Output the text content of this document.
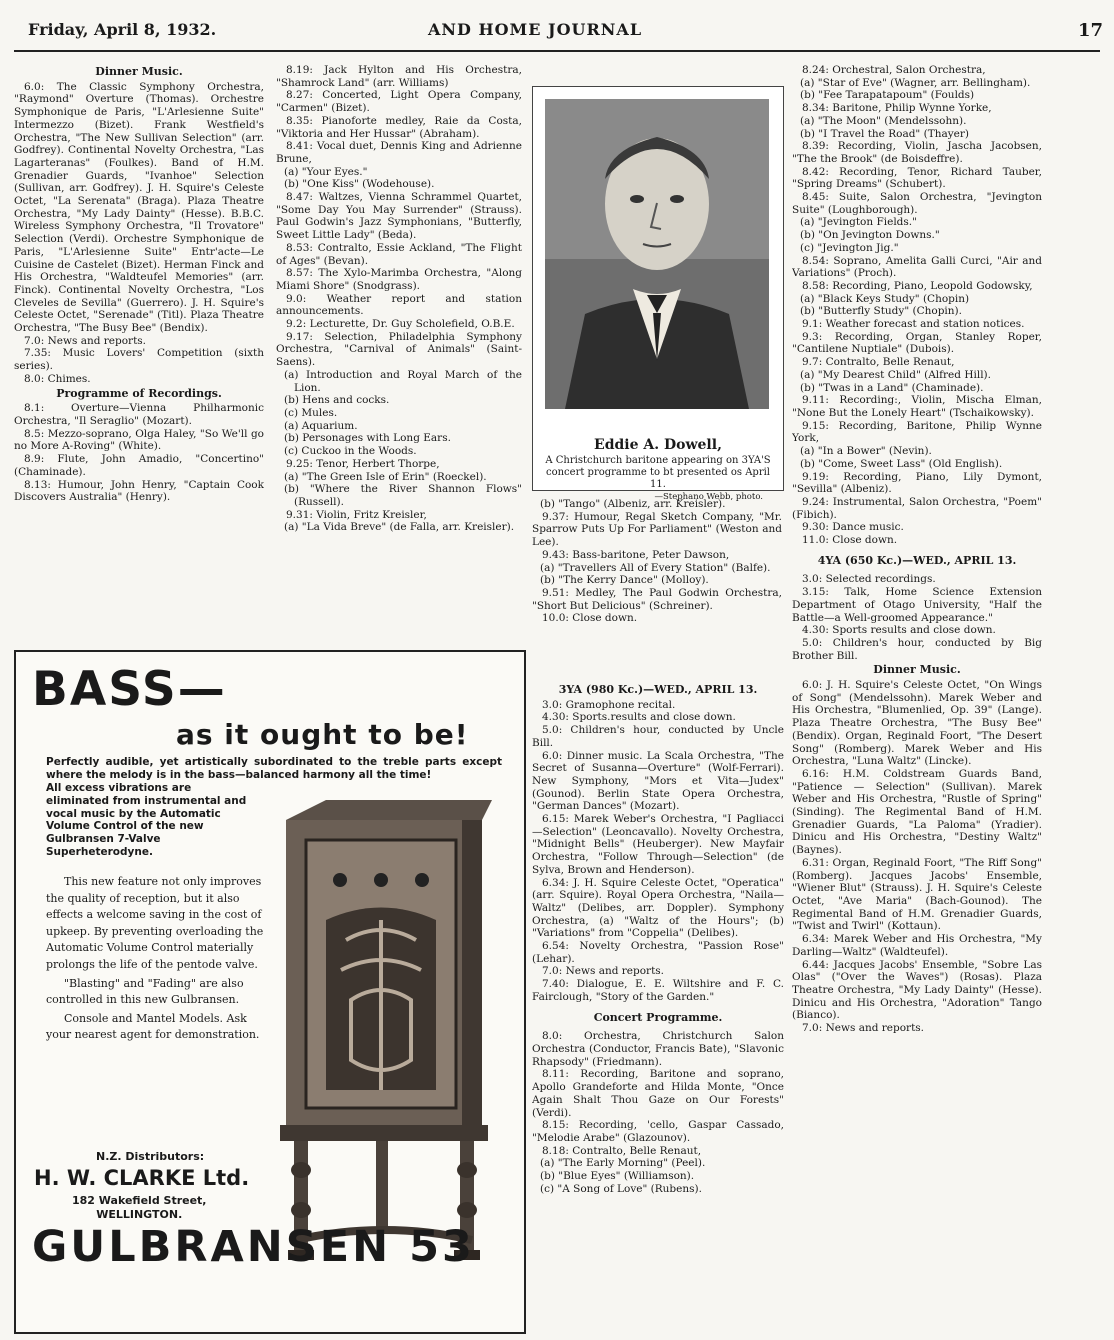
Friday, April 8, 1932.	AND HOME JOURNAL	17
Dinner Music.

6.0: The Classic Symphony Orchestra, "Raymond" Overture (Thomas). Orchestre Symphonique de Paris, "L'Arlesienne Suite" Intermezzo (Bizet). Frank Westfield's Orchestra, "The New Sullivan Selection" (arr. Godfrey). Continental Novelty Orchestra, "Las Lagarteranas" (Foulkes). Band of H.M. Grenadier Guards, "Ivanhoe" Selection (Sullivan, arr. Godfrey). J. H. Squire's Celeste Octet, "La Serenata" (Braga). Plaza Theatre Orchestra, "My Lady Dainty" (Hesse). B.B.C. Wireless Symphony Orchestra, "Il Trovatore" Selection (Verdi). Orchestre Symphonique de Paris, "L'Arlesienne Suite" Entr'acte—Le Cuisine de Castelet (Bizet). Herman Finck and His Orchestra, "Waldteufel Memories" (arr. Finck). Continental Novelty Orchestra, "Los Cleveles de Sevilla" (Guerrero). J. H. Squire's Celeste Octet, "Serenade" (Titl). Plaza Theatre Orchestra, "The Busy Bee" (Bendix).

7.0: News and reports.

7.35: Music Lovers' Competition (sixth series).

8.0: Chimes.

Programme of Recordings.

8.1: Overture—Vienna Philharmonic Orchestra, "Il Seraglio" (Mozart).

8.5: Mezzo-soprano, Olga Haley, "So We'll go no More A-Roving" (White).

8.9: Flute, John Amadio, "Concertino" (Chaminade).

8.13: Humour, John Henry, "Captain Cook Discovers Australia" (Henry).

8.19: Jack Hylton and His Orchestra, "Shamrock Land" (arr. Williams)

8.27: Concerted, Light Opera Company, "Carmen" (Bizet).

8.35: Pianoforte medley, Raie da Costa, "Viktoria and Her Hussar" (Abraham).

8.41: Vocal duet, Dennis King and Adrienne Brune,

(a) "Your Eyes."

(b) "One Kiss" (Wodehouse).

8.47: Waltzes, Vienna Schrammel Quartet, "Some Day You May Surrender" (Strauss). Paul Godwin's Jazz Symphonians, "Butterfly, Sweet Little Lady" (Beda).

8.53: Contralto, Essie Ackland, "The Flight of Ages" (Bevan).

8.57: The Xylo-Marimba Orchestra, "Along Miami Shore" (Snodgrass).

9.0: Weather report and station announcements.

9.2: Lecturette, Dr. Guy Scholefield, O.B.E.

9.17: Selection, Philadelphia Symphony Orchestra, "Carnival of Animals" (Saint-Saens).

(a) Introduction and Royal March of the Lion.

(b) Hens and cocks.

(c) Mules.

(a) Aquarium.

(b) Personages with Long Ears.

(c) Cuckoo in the Woods.

9.25: Tenor, Herbert Thorpe,

(a) "The Green Isle of Erin" (Roeckel).

(b) "Where the River Shannon Flows" (Russell).

9.31: Violin, Fritz Kreisler,

(a) "La Vida Breve" (de Falla, arr. Kreisler).

Eddie A. Dowell,
A Christchurch baritone appearing on 3YA'S concert programme to bt presented os April 11.
—Stephano Webb, photo.

(b) "Tango" (Albeniz, arr. Kreisler).

9.37: Humour, Regal Sketch Company, "Mr. Sparrow Puts Up For Parliament" (Weston and Lee).

9.43: Bass-baritone, Peter Dawson,

(a) "Travellers All of Every Station" (Balfe).

(b) "The Kerry Dance" (Molloy).

9.51: Medley, The Paul Godwin Orchestra, "Short But Delicious" (Schreiner).

10.0: Close down.

3YA (980 Kc.)—WED., APRIL 13.

3.0: Gramophone recital.

4.30: Sports.results and close down.

5.0: Children's hour, conducted by Uncle Bill.

6.0: Dinner music. La Scala Orchestra, "The Secret of Susanna—Overture" (Wolf-Ferrari). New Symphony, "Mors et Vita—Judex" (Gounod). Berlin State Opera Orchestra, "German Dances" (Mozart).

6.15: Marek Weber's Orchestra, "I Pagliacci—Selection" (Leoncavallo). Novelty Orchestra, "Midnight Bells" (Heuberger). New Mayfair Orchestra, "Follow Through—Selection" (de Sylva, Brown and Henderson).

6.34: J. H. Squire Celeste Octet, "Operatica" (arr. Squire). Royal Opera Orchestra, "Naila—Waltz" (Delibes, arr. Doppler). Symphony Orchestra, (a) "Waltz of the Hours"; (b) "Variations" from "Coppelia" (Delibes).

6.54: Novelty Orchestra, "Passion Rose" (Lehar).

7.0: News and reports.

7.40: Dialogue, E. E. Wiltshire and F. C. Fairclough, "Story of the Garden."

Concert Programme.

8.0: Orchestra, Christchurch Salon Orchestra (Conductor, Francis Bate), "Slavonic Rhapsody" (Friedmann).

8.11: Recording, Baritone and soprano, Apollo Grandeforte and Hilda Monte, "Once Again Shalt Thou Gaze on Our Forests" (Verdi).

8.15: Recording, 'cello, Gaspar Cassado, "Melodie Arabe" (Glazounov).

8.18: Contralto, Belle Renaut,

(a) "The Early Morning" (Peel).

(b) "Blue Eyes" (Williamson).

(c) "A Song of Love" (Rubens).

8.24: Orchestral, Salon Orchestra,

(a) "Star of Eve" (Wagner, arr. Bellingham).

(b) "Fee Tarapatapoum" (Foulds)

8.34: Baritone, Philip Wynne Yorke,

(a) "The Moon" (Mendelssohn).

(b) "I Travel the Road" (Thayer)

8.39: Recording, Violin, Jascha Jacobsen, "The the Brook" (de Boisdeffre).

8.42: Recording, Tenor, Richard Tauber, "Spring Dreams" (Schubert).

8.45: Suite, Salon Orchestra, "Jevington Suite" (Loughborough).

(a) "Jevington Fields."

(b) "On Jevington Downs."

(c) "Jevington Jig."

8.54: Soprano, Amelita Galli Curci, "Air and Variations" (Proch).

8.58: Recording, Piano, Leopold Godowsky,

(a) "Black Keys Study" (Chopin)

(b) "Butterfly Study" (Chopin).

9.1: Weather forecast and station notices.

9.3: Recording, Organ, Stanley Roper, "Cantilene Nuptiale" (Dubois).

9.7: Contralto, Belle Renaut,

(a) "My Dearest Child" (Alfred Hill).

(b) "Twas in a Land" (Chaminade).

9.11: Recording:, Violin, Mischa Elman, "None But the Lonely Heart" (Tschaikowsky).

9.15: Recording, Baritone, Philip Wynne York,

(a) "In a Bower" (Nevin).

(b) "Come, Sweet Lass" (Old English).

9.19: Recording, Piano, Lily Dymont, "Sevilla" (Albeniz).

9.24: Instrumental, Salon Orchestra, "Poem" (Fibich).

9.30: Dance music.

11.0: Close down.

4YA (650 Kc.)—WED., APRIL 13.

3.0: Selected recordings.

3.15: Talk, Home Science Extension Department of Otago University, "Half the Battle—a Well-groomed Appearance."

4.30: Sports results and close down.

5.0: Children's hour, conducted by Big Brother Bill.

Dinner Music.

6.0: J. H. Squire's Celeste Octet, "On Wings of Song" (Mendelssohn). Marek Weber and His Orchestra, "Blumenlied, Op. 39" (Lange). Plaza Theatre Orchestra, "The Busy Bee" (Bendix). Organ, Reginald Foort, "The Desert Song" (Romberg). Marek Weber and His Orchestra, "Luna Waltz" (Lincke).

6.16: H.M. Coldstream Guards Band, "Patience — Selection" (Sullivan). Marek Weber and His Orchestra, "Rustle of Spring" (Sinding). The Regimental Band of H.M. Grenadier Guards, "La Paloma" (Yradier). Dinicu and His Orchestra, "Destiny Waltz" (Baynes).

6.31: Organ, Reginald Foort, "The Riff Song" (Romberg). Jacques Jacobs' Ensemble, "Wiener Blut" (Strauss). J. H. Squire's Celeste Octet, "Ave Maria" (Bach-Gounod). The Regimental Band of H.M. Grenadier Guards, "Twist and Twirl" (Kottaun).

6.34: Marek Weber and His Orchestra, "My Darling—Waltz" (Waldteufel).

6.44: Jacques Jacobs' Ensemble, "Sobre Las Olas" ("Over the Waves") (Rosas). Plaza Theatre Orchestra, "My Lady Dainty" (Hesse). Dinicu and His Orchestra, "Adoration" Tango (Bianco).

7.0: News and reports.

BASS—
as it ought to be!
Perfectly audible, yet artistically subordinated to the treble parts except where the melody is in the bass—balanced harmony all the time!
All excess vibrations are eliminated from instrumental and vocal music by the Automatic Volume Control of the new Gulbransen 7-Valve Superheterodyne.

This new feature not only improves the quality of reception, but it also effects a welcome saving in the cost of upkeep. By preventing overloading the Automatic Volume Control materially prolongs the life of the pentode valve.

"Blasting" and "Fading" are also controlled in this new Gulbransen.

Console and Mantel Models. Ask your nearest agent for demonstration.

N.Z. Distributors:
H. W. CLARKE Ltd.
182 Wakefield Street,
WELLINGTON.
GULBRANSEN 53
